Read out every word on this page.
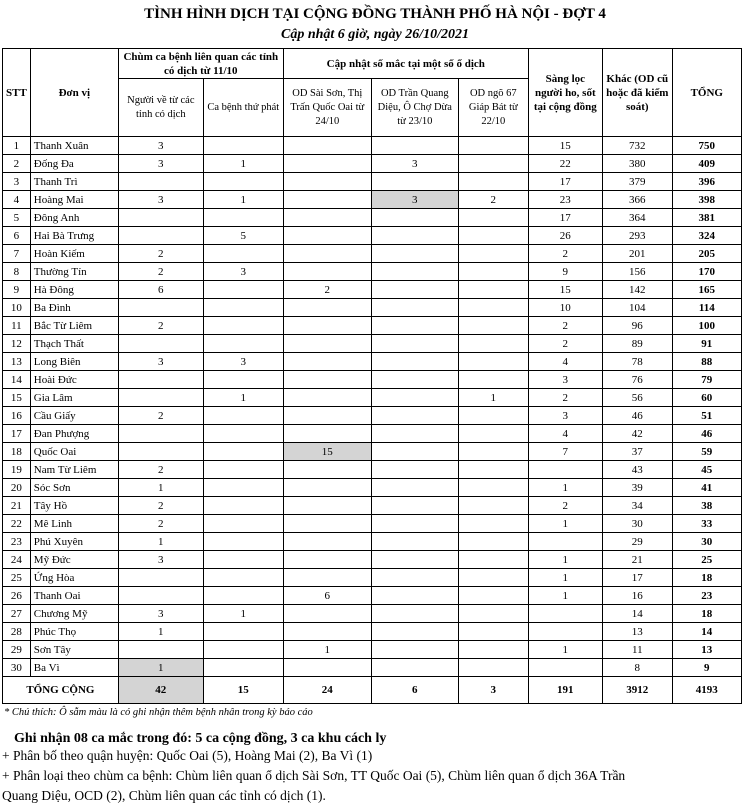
TÌNH HÌNH DỊCH TẠI CỘNG ĐỒNG THÀNH PHỐ HÀ NỘI - ĐỢT 4
Cập nhật 6 giờ, ngày 26/10/2021
STT	Đơn vị	Chùm ca bệnh liên quan các tỉnh có dịch từ 11/10		Cập nhật số mắc tại một số ổ dịch			Sàng lọc người ho, sốt tại cộng đồng	Khác (OD cũ hoặc đã kiểm soát)	TỔNG
		Người về từ các tỉnh có dịch	Ca bệnh thứ phát	OD Sài Sơn, Thị Trấn Quốc Oai từ 24/10	OD Trần Quang Diệu, Ô Chợ Dừa từ 23/10	OD ngõ 67 Giáp Bát từ 22/10			
1	Thanh Xuân	3					15	732	750
2	Đống Đa	3	1		3		22	380	409
3	Thanh Trì						17	379	396
4	Hoàng Mai	3	1		3	2	23	366	398
5	Đông Anh						17	364	381
6	Hai Bà Trưng		5				26	293	324
7	Hoàn Kiếm	2					2	201	205
8	Thường Tín	2	3				9	156	170
9	Hà Đông	6		2			15	142	165
10	Ba Đình						10	104	114
11	Bắc Từ Liêm	2					2	96	100
12	Thạch Thất						2	89	91
13	Long Biên	3	3				4	78	88
14	Hoài Đức						3	76	79
15	Gia Lâm		1			1	2	56	60
16	Cầu Giấy	2					3	46	51
17	Đan Phượng						4	42	46
18	Quốc Oai			15			7	37	59
19	Nam Từ Liêm	2						43	45
20	Sóc Sơn	1					1	39	41
21	Tây Hồ	2					2	34	38
22	Mê Linh	2					1	30	33
23	Phú Xuyên	1						29	30
24	Mỹ Đức	3					1	21	25
25	Ứng Hòa						1	17	18
26	Thanh Oai			6			1	16	23
27	Chương Mỹ	3	1					14	18
28	Phúc Thọ	1						13	14
29	Sơn Tây			1			1	11	13
30	Ba Vì	1						8	9
TỔNG CỘNG		42	15	24	6	3	191	3912	4193
* Chú thích: Ô sẫm màu là có ghi nhận thêm bệnh nhân trong kỳ báo cáo
Ghi nhận 08 ca mắc trong đó: 5 ca cộng đồng, 3 ca khu cách ly
+ Phân bố theo quận huyện: Quốc Oai (5), Hoàng Mai (2), Ba Vì (1)
+ Phân loại theo chùm ca bệnh: Chùm liên quan ổ dịch Sài Sơn, TT Quốc Oai (5), Chùm liên quan ổ dịch 36A Trần
Quang Diệu, OCD (2), Chùm liên quan các tỉnh có dịch (1).
